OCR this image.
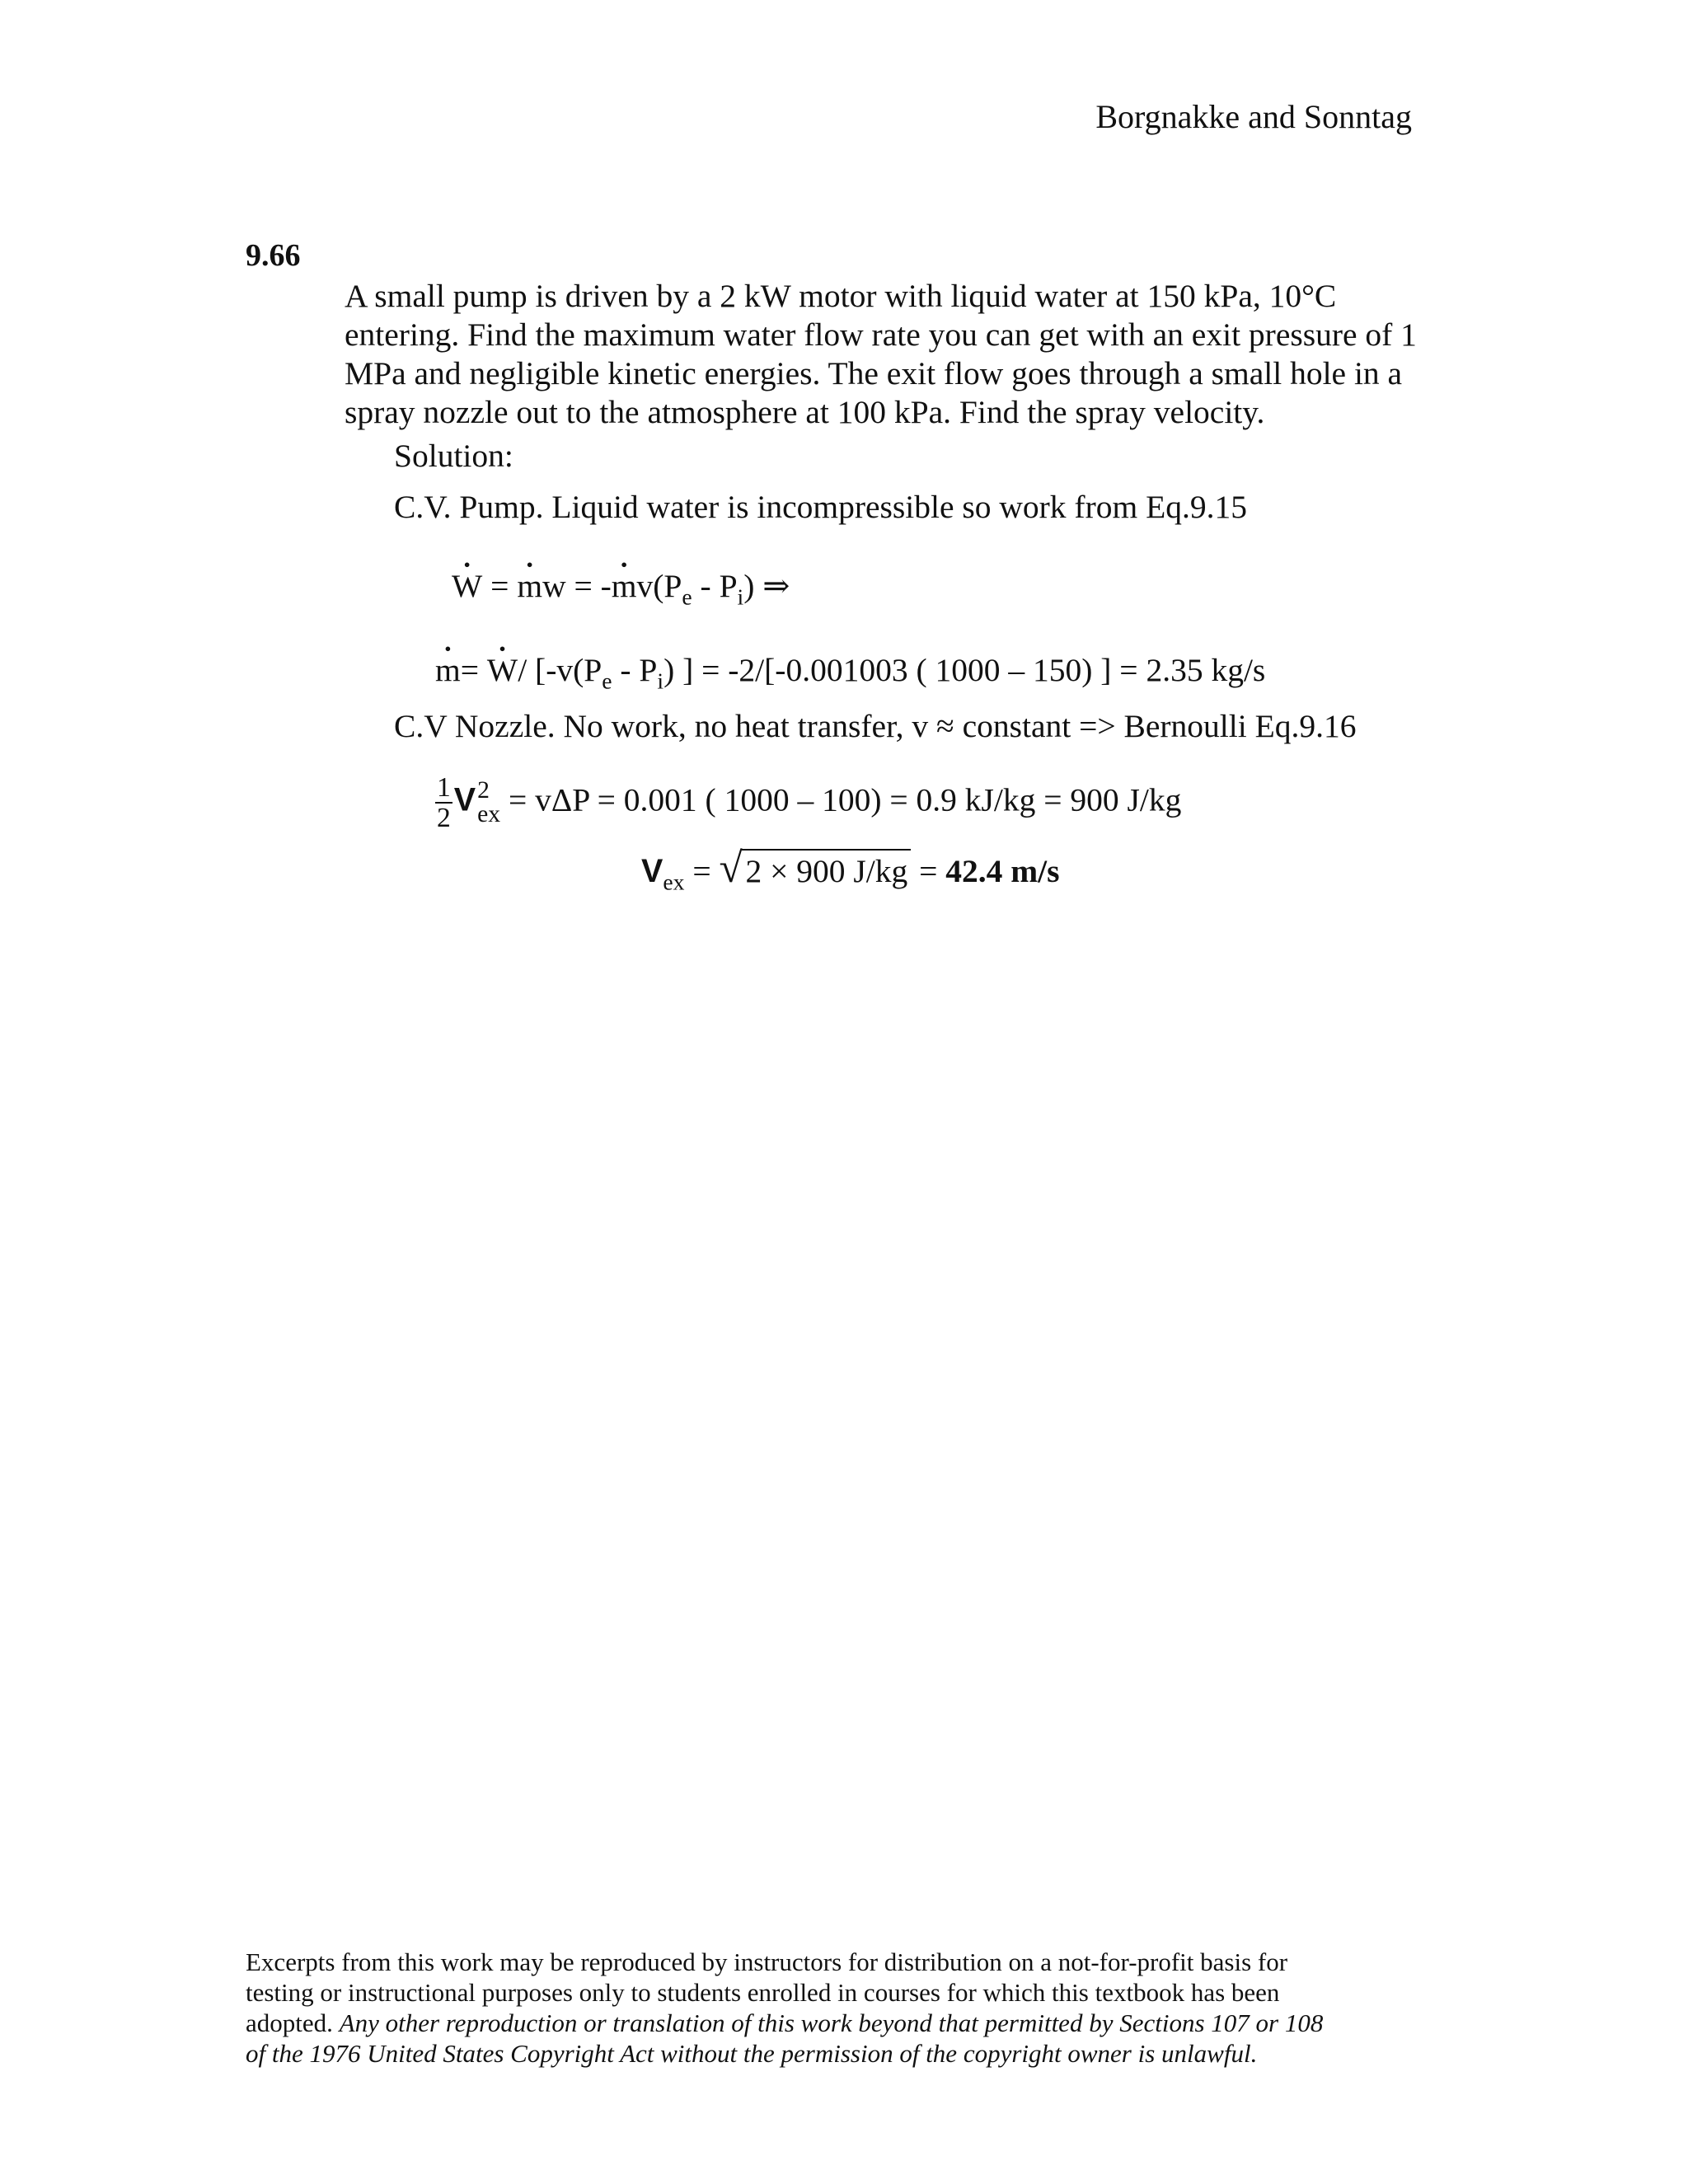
Borgnakke and Sonntag
9.66
A small pump is driven by a 2 kW motor with liquid water at 150 kPa, 10°C
entering. Find the maximum water flow rate you can get with an exit pressure of 1
MPa and negligible kinetic energies. The exit flow goes through a small hole in a
spray nozzle out to the atmosphere at 100 kPa. Find the spray velocity.
Solution:
C.V. Pump. Liquid water is incompressible so work from Eq.9.15
• W = • mw = -• $mv(P_e - P_i)$ ⇒
• m= • W/ [$-v(P_e - P_i)$ ] = -2/[-0.001003 ( 1000 – 150) ] = 2.35 kg/s
C.V Nozzle. No work, no heat transfer, v ≈ constant => Bernoulli Eq.9.16
$\frac{1}{2}$ V 2
ex = vΔP = 0.001 ( 1000 – 100) = 0.9 kJ/kg = 900 J/kg
$V_{ex}$ = √ 2 × 900 J/kg = 42.4 m/s
Excerpts from this work may be reproduced by instructors for distribution on a not-for-profit basis for
testing or instructional purposes only to students enrolled in courses for which this textbook has been
adopted. Any other reproduction or translation of this work beyond that permitted by Sections 107 or 108
of the 1976 United States Copyright Act without the permission of the copyright owner is unlawful.
